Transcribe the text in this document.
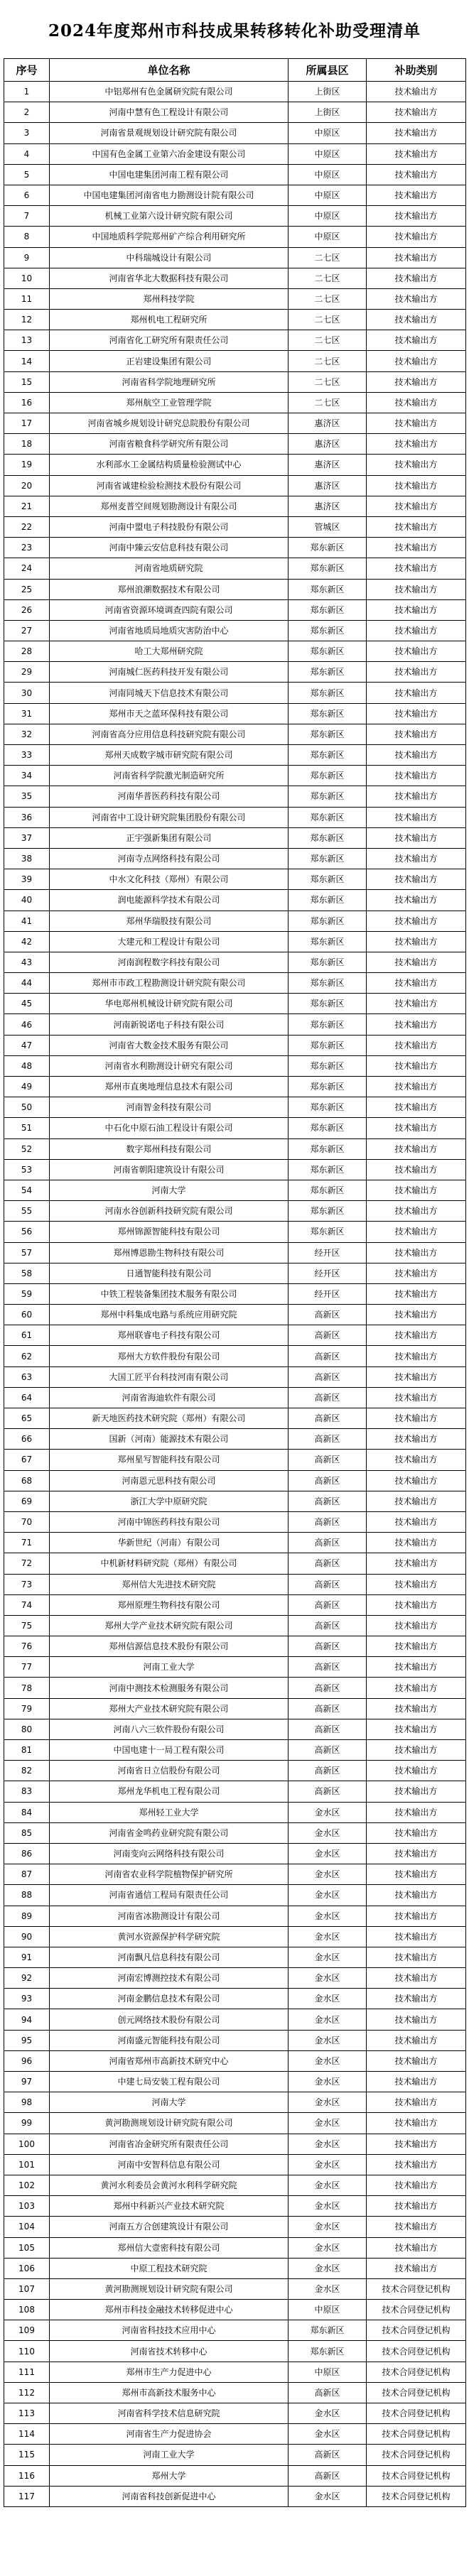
2024年度郑州市科技成果转移转化补助受理清单
序号	单位名称	所属县区	补助类别
1	中铝郑州有色金属研究院有限公司	上街区	技术输出方
2	河南中慧有色工程设计有限公司	上街区	技术输出方
3	河南省景观规划设计研究院有限公司	中原区	技术输出方
4	中国有色金属工业第六冶金建设有限公司	中原区	技术输出方
5	中国电建集团河南工程有限公司	中原区	技术输出方
6	中国电建集团河南省电力勘测设计院有限公司	中原区	技术输出方
7	机械工业第六设计研究院有限公司	中原区	技术输出方
8	中国地质科学院郑州矿产综合利用研究所	中原区	技术输出方
9	中科瑞城设计有限公司	二七区	技术输出方
10	河南省华北大数据科技有限公司	二七区	技术输出方
11	郑州科技学院	二七区	技术输出方
12	郑州机电工程研究所	二七区	技术输出方
13	河南省化工研究所有限责任公司	二七区	技术输出方
14	正岩建设集团有限公司	二七区	技术输出方
15	河南省科学院地理研究所	二七区	技术输出方
16	郑州航空工业管理学院	二七区	技术输出方
17	河南省城乡规划设计研究总院股份有限公司	惠济区	技术输出方
18	河南省粮食科学研究所有限公司	惠济区	技术输出方
19	水利部水工金属结构质量检验测试中心	惠济区	技术输出方
20	河南省诚建检验检测技术股份有限公司	惠济区	技术输出方
21	郑州麦普空间规划勘测设计有限公司	惠济区	技术输出方
22	河南中盟电子科技股份有限公司	管城区	技术输出方
23	河南中臻云安信息科技有限公司	郑东新区	技术输出方
24	河南省地质研究院	郑东新区	技术输出方
25	郑州浪潮数据技术有限公司	郑东新区	技术输出方
26	河南省资源环境调查四院有限公司	郑东新区	技术输出方
27	河南省地质局地质灾害防治中心	郑东新区	技术输出方
28	哈工大郑州研究院	郑东新区	技术输出方
29	河南城仁医药科技开发有限公司	郑东新区	技术输出方
30	河南同城天下信息技术有限公司	郑东新区	技术输出方
31	郑州市天之蓝环保科技有限公司	郑东新区	技术输出方
32	河南省高分应用信息科技研究院有限公司	郑东新区	技术输出方
33	郑州天成数字城市研究院有限公司	郑东新区	技术输出方
34	河南省科学院激光制造研究所	郑东新区	技术输出方
35	河南华普医药科技有限公司	郑东新区	技术输出方
36	河南省中工设计研究院集团股份有限公司	郑东新区	技术输出方
37	正宇强新集团有限公司	郑东新区	技术输出方
38	河南寺点网络科技有限公司	郑东新区	技术输出方
39	中水文化科技（郑州）有限公司	郑东新区	技术输出方
40	润电能源科学技术有限公司	郑东新区	技术输出方
41	郑州华瑞股技有限公司	郑东新区	技术输出方
42	大建元和工程设计有限公司	郑东新区	技术输出方
43	河南润程数字科技有限公司	郑东新区	技术输出方
44	郑州市市政工程勘测设计研究院有限公司	郑东新区	技术输出方
45	华电郑州机械设计研究院有限公司	郑东新区	技术输出方
46	河南新锐诺电子科技有限公司	郑东新区	技术输出方
47	河南省大数金技术服务有限公司	郑东新区	技术输出方
48	河南省水利勘测设计研究有限公司	郑东新区	技术输出方
49	郑州市直奥地理信息技术有限公司	郑东新区	技术输出方
50	河南智金科技有限公司	郑东新区	技术输出方
51	中石化中原石油工程设计有限公司	郑东新区	技术输出方
52	数字郑州科技有限公司	郑东新区	技术输出方
53	河南省朝阳建筑设计有限公司	郑东新区	技术输出方
54	河南大学	郑东新区	技术输出方
55	河南水谷创新科技研究院有限公司	郑东新区	技术输出方
56	郑州锦源智能科技有限公司	郑东新区	技术输出方
57	郑州博恩勘生物科技有限公司	经开区	技术输出方
58	日通智能科技有限公司	经开区	技术输出方
59	中铁工程装备集团技术服务有限公司	经开区	技术输出方
60	郑州中科集成电路与系统应用研究院	高新区	技术输出方
61	郑州联睿电子科技有限公司	高新区	技术输出方
62	郑州大方软件股份有限公司	高新区	技术输出方
63	大国工匠平台科技河南有限公司	高新区	技术输出方
64	河南省海迪软件有限公司	高新区	技术输出方
65	新天地医药技术研究院（郑州）有限公司	高新区	技术输出方
66	国新（河南）能源技术有限公司	高新区	技术输出方
67	郑州星写智能科技有限公司	高新区	技术输出方
68	河南恩元思科技有限公司	高新区	技术输出方
69	浙江大学中原研究院	高新区	技术输出方
70	河南中锦医药科技有限公司	高新区	技术输出方
71	华新世纪（河南）有限公司	高新区	技术输出方
72	中机新材料研究院（郑州）有限公司	高新区	技术输出方
73	郑州信大先进技术研究院	高新区	技术输出方
74	郑州原理生物科技有限公司	高新区	技术输出方
75	郑州大学产业技术研究院有限公司	高新区	技术输出方
76	郑州信源信息技术股份有限公司	高新区	技术输出方
77	河南工业大学	高新区	技术输出方
78	河南中测技术检测服务有限公司	高新区	技术输出方
79	郑州大产业技术研究院有限公司	高新区	技术输出方
80	河南八六三软件股份有限公司	高新区	技术输出方
81	中国电建十一局工程有限公司	高新区	技术输出方
82	河南省日立信股份有限公司	高新区	技术输出方
83	郑州龙华机电工程有限公司	高新区	技术输出方
84	郑州轻工业大学	金水区	技术输出方
85	河南省金鸣药业研究院有限公司	金水区	技术输出方
86	河南变向云网络科技有限公司	金水区	技术输出方
87	河南省农业科学院植物保护研究所	金水区	技术输出方
88	河南省通信工程局有限责任公司	金水区	技术输出方
89	河南省冰勘测设计有限公司	金水区	技术输出方
90	黄河水资源保护科学研究院	金水区	技术输出方
91	河南飘凡信息科技有限公司	金水区	技术输出方
92	河南宏博测控技术有限公司	金水区	技术输出方
93	河南金鹏信息技术有限公司	金水区	技术输出方
94	创元网络技术股份有限公司	金水区	技术输出方
95	河南盛元智能科技有限公司	金水区	技术输出方
96	河南省郑州市高新技术研究中心	金水区	技术输出方
97	中建七局安装工程有限公司	金水区	技术输出方
98	河南大学	金水区	技术输出方
99	黄河勘测规划设计研究院有限公司	金水区	技术输出方
100	河南省冶金研究所有限责任公司	金水区	技术输出方
101	河南中安智科信息有限公司	金水区	技术输出方
102	黄河水利委员会黄河水利科学研究院	金水区	技术输出方
103	郑州中科新兴产业技术研究院	金水区	技术输出方
104	河南五方合创建筑设计有限公司	金水区	技术输出方
105	郑州信大壹密科技有限公司	金水区	技术输出方
106	中原工程技术研究院	金水区	技术输出方
107	黄河勘测规划设计研究院有限公司	金水区	技术合同登记机构
108	郑州市科技金融技术转移促进中心	中原区	技术合同登记机构
109	河南省科技技术应用中心	郑东新区	技术合同登记机构
110	河南省技术转移中心	郑东新区	技术合同登记机构
111	郑州市生产力促进中心	中原区	技术合同登记机构
112	郑州市高新技术服务中心	高新区	技术合同登记机构
113	河南省科学技术信息研究院	金水区	技术合同登记机构
114	河南省生产力促进协会	金水区	技术合同登记机构
115	河南工业大学	高新区	技术合同登记机构
116	郑州大学	高新区	技术合同登记机构
117	河南省科技创新促进中心	金水区	技术合同登记机构
